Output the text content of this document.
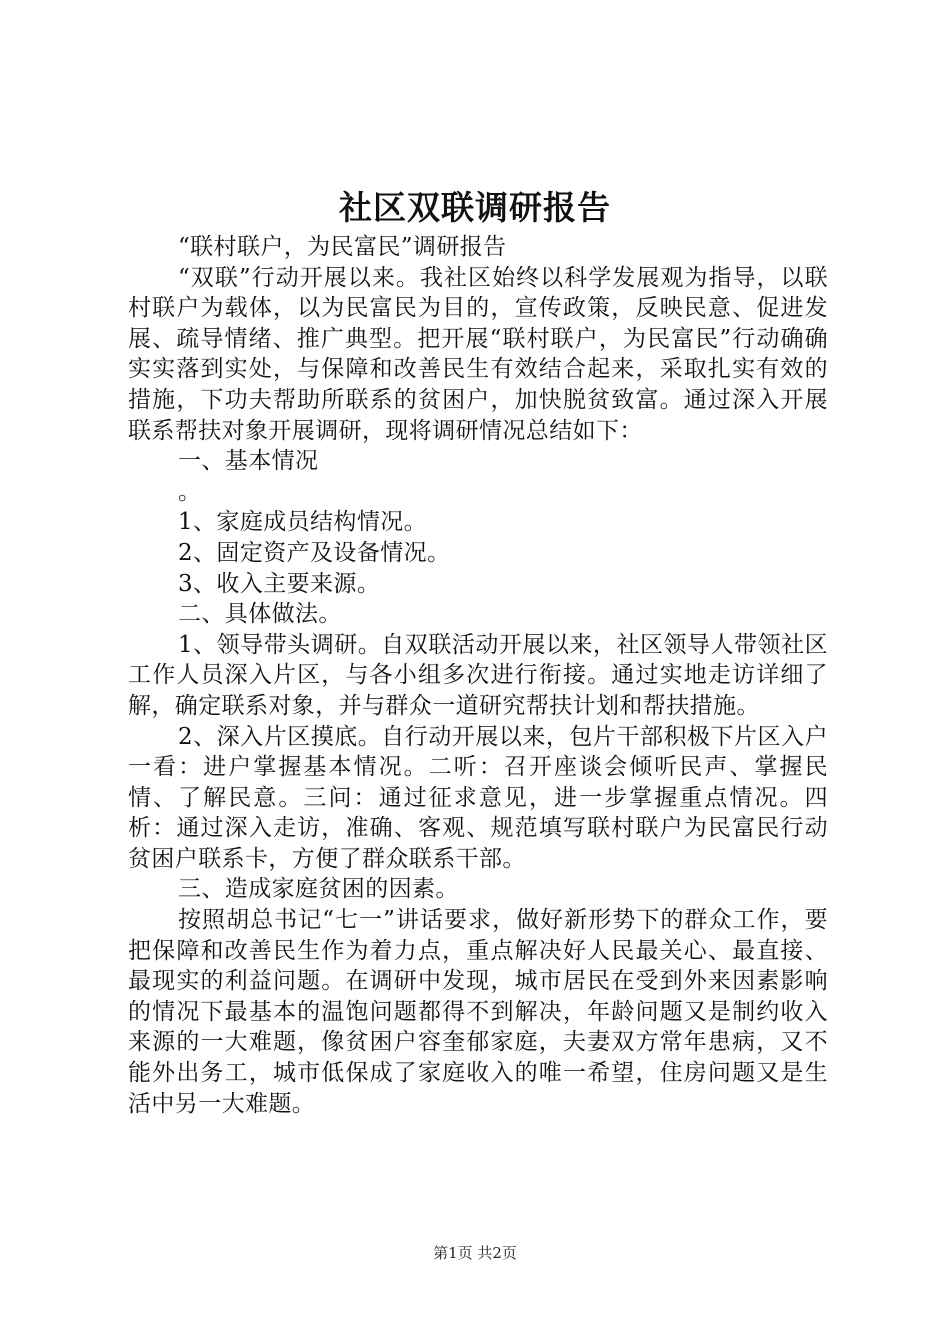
社区双联调研报告

“联村联户，为民富民”调研报告

“双联”行动开展以来。我社区始终以科学发展观为指导，以联村联户为载体，以为民富民为目的，宣传政策，反映民意、促进发展、疏导情绪、推广典型。把开展“联村联户，为民富民”行动确确实实落到实处，与保障和改善民生有效结合起来，采取扎实有效的措施，下功夫帮助所联系的贫困户，加快脱贫致富。通过深入开展联系帮扶对象开展调研，现将调研情况总结如下：

一、基本情况

。

1、家庭成员结构情况。

2、固定资产及设备情况。

3、收入主要来源。

二、具体做法。

1、领导带头调研。自双联活动开展以来，社区领导人带领社区工作人员深入片区，与各小组多次进行衔接。通过实地走访详细了解，确定联系对象，并与群众一道研究帮扶计划和帮扶措施。

2、深入片区摸底。自行动开展以来，包片干部积极下片区入户一看：进户掌握基本情况。二听：召开座谈会倾听民声、掌握民情、了解民意。三问：通过征求意见，进一步掌握重点情况。四析：通过深入走访，准确、客观、规范填写联村联户为民富民行动贫困户联系卡，方便了群众联系干部。

三、造成家庭贫困的因素。

按照胡总书记“七一”讲话要求，做好新形势下的群众工作，要把保障和改善民生作为着力点，重点解决好人民最关心、最直接、最现实的利益问题。在调研中发现，城市居民在受到外来因素影响的情况下最基本的温饱问题都得不到解决，年龄问题又是制约收入来源的一大难题，像贫困户容奎郁家庭，夫妻双方常年患病，又不能外出务工，城市低保成了家庭收入的唯一希望，住房问题又是生活中另一大难题。

第1页 共2页
